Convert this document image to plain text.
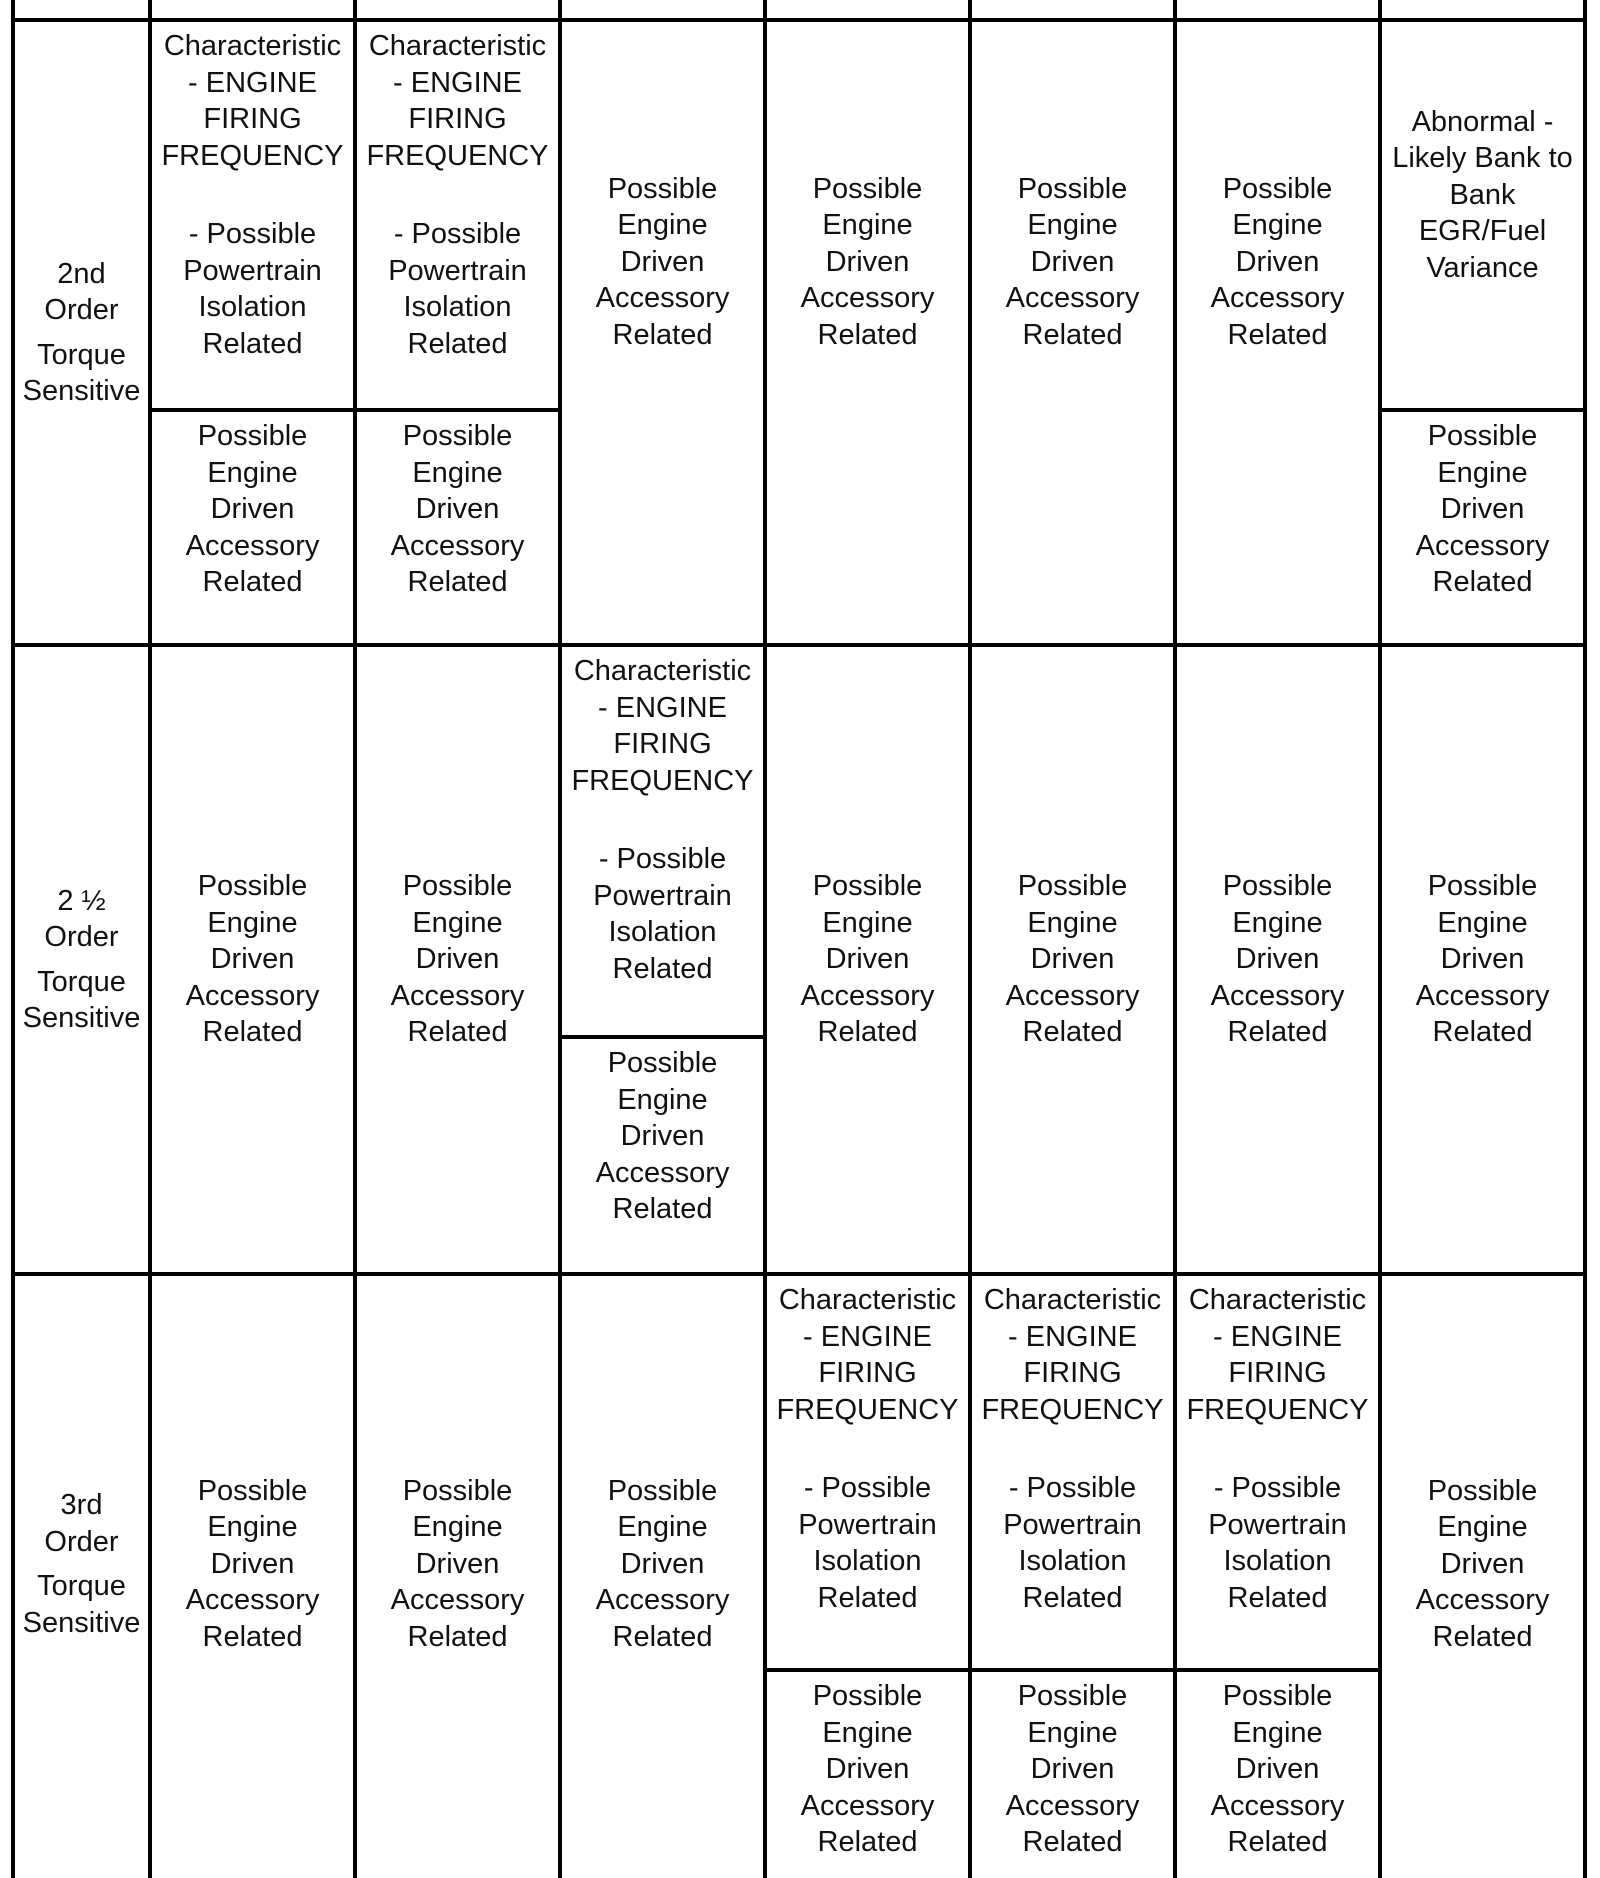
2nd
Order
Torque
Sensitive
Characteristic
- ENGINE
FIRING
FREQUENCY
- Possible
Powertrain
Isolation
Related
Possible
Engine
Driven
Accessory
Related
Characteristic
- ENGINE
FIRING
FREQUENCY
- Possible
Powertrain
Isolation
Related
Possible
Engine
Driven
Accessory
Related
Possible
Engine
Driven
Accessory
Related
Possible
Engine
Driven
Accessory
Related
Possible
Engine
Driven
Accessory
Related
Possible
Engine
Driven
Accessory
Related
Abnormal -
Likely Bank to
Bank
EGR/Fuel
Variance
Possible
Engine
Driven
Accessory
Related
2 ½
Order
Torque
Sensitive
Possible
Engine
Driven
Accessory
Related
Possible
Engine
Driven
Accessory
Related
Characteristic
- ENGINE
FIRING
FREQUENCY
- Possible
Powertrain
Isolation
Related
Possible
Engine
Driven
Accessory
Related
Possible
Engine
Driven
Accessory
Related
Possible
Engine
Driven
Accessory
Related
Possible
Engine
Driven
Accessory
Related
Possible
Engine
Driven
Accessory
Related
3rd
Order
Torque
Sensitive
Possible
Engine
Driven
Accessory
Related
Possible
Engine
Driven
Accessory
Related
Possible
Engine
Driven
Accessory
Related
Characteristic
- ENGINE
FIRING
FREQUENCY
- Possible
Powertrain
Isolation
Related
Possible
Engine
Driven
Accessory
Related
Characteristic
- ENGINE
FIRING
FREQUENCY
- Possible
Powertrain
Isolation
Related
Possible
Engine
Driven
Accessory
Related
Characteristic
- ENGINE
FIRING
FREQUENCY
- Possible
Powertrain
Isolation
Related
Possible
Engine
Driven
Accessory
Related
Possible
Engine
Driven
Accessory
Related
